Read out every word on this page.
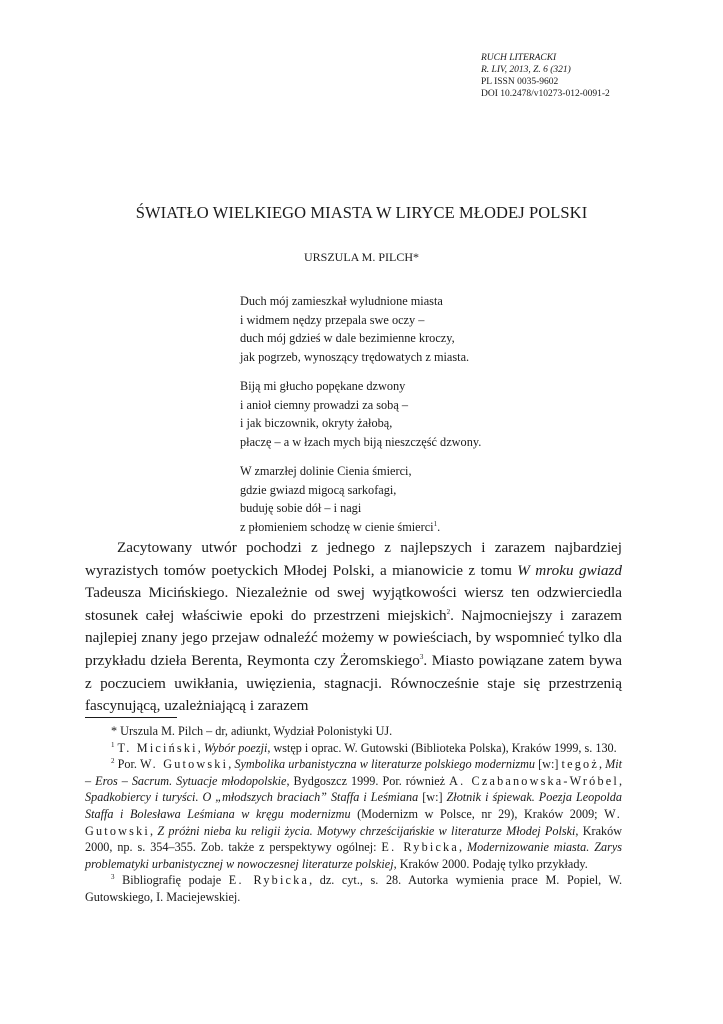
RUCH LITERACKI
R. LIV, 2013, Z. 6 (321)
PL ISSN 0035-9602
DOI 10.2478/v10273-012-0091-2
ŚWIATŁO WIELKIEGO MIASTA W LIRYCE MŁODEJ POLSKI
URSZULA M. PILCH*
Duch mój zamieszkał wyludnione miasta
i widmem nędzy przepala swe oczy –
duch mój gdzieś w dale bezimienne kroczy,
jak pogrzeb, wynoszący trędowatych z miasta.
Biją mi głucho popękane dzwony
i anioł ciemny prowadzi za sobą –
i jak biczownik, okryty żałobą,
płaczę – a w łzach mych biją nieszczęść dzwony.
W zmarzłej dolinie Cienia śmierci,
gdzie gwiazd migocą sarkofagi,
buduję sobie dół – i nagi
z płomieniem schodzę w cienie śmierci$^1$.

Zacytowany utwór pochodzi z jednego z najlepszych i zarazem najbardziej wyrazistych tomów poetyckich Młodej Polski, a mianowicie z tomu W mroku gwiazd Tadeusza Micińskiego. Niezależnie od swej wyjątkowości wiersz ten odzwierciedla stosunek całej właściwie epoki do przestrzeni miejskich$^2$. Najmocniejszy i zarazem najlepiej znany jego przejaw odnaleźć możemy w powieściach, by wspomnieć tylko dla przykładu dzieła Berenta, Reymonta czy Żeromskiego$^3$. Miasto powiązane zatem bywa z poczuciem uwikłania, uwięzienia, stagnacji. Równocześnie staje się przestrzenią fascynującą, uzależniającą i zarazem

* Urszula M. Pilch – dr, adiunkt, Wydział Polonistyki UJ.

$^1$ T. Miciński, Wybór poezji, wstęp i oprac. W. Gutowski (Biblioteka Polska), Kraków 1999, s. 130.

$^2$ Por. W. Gutowski, Symbolika urbanistyczna w literaturze polskiego modernizmu [w:] tegoż, Mit – Eros – Sacrum. Sytuacje młodopolskie, Bydgoszcz 1999. Por. również A. Czabanowska-Wróbel, Spadkobiercy i turyści. O „młodszych braciach” Staffa i Leśmiana [w:] Złotnik i śpiewak. Poezja Leopolda Staffa i Bolesława Leśmiana w kręgu modernizmu (Modernizm w Polsce, nr 29), Kraków 2009; W. Gutowski, Z próżni nieba ku religii życia. Motywy chrześcijańskie w literaturze Młodej Polski, Kraków 2000, np. s. 354–355. Zob. także z perspektywy ogólnej: E. Rybicka, Modernizowanie miasta. Zarys problematyki urbanistycznej w nowoczesnej literaturze polskiej, Kraków 2000. Podaję tylko przykłady.

$^3$ Bibliografię podaje E. Rybicka, dz. cyt., s. 28. Autorka wymienia prace M. Popiel, W. Gutowskiego, I. Maciejewskiej.
